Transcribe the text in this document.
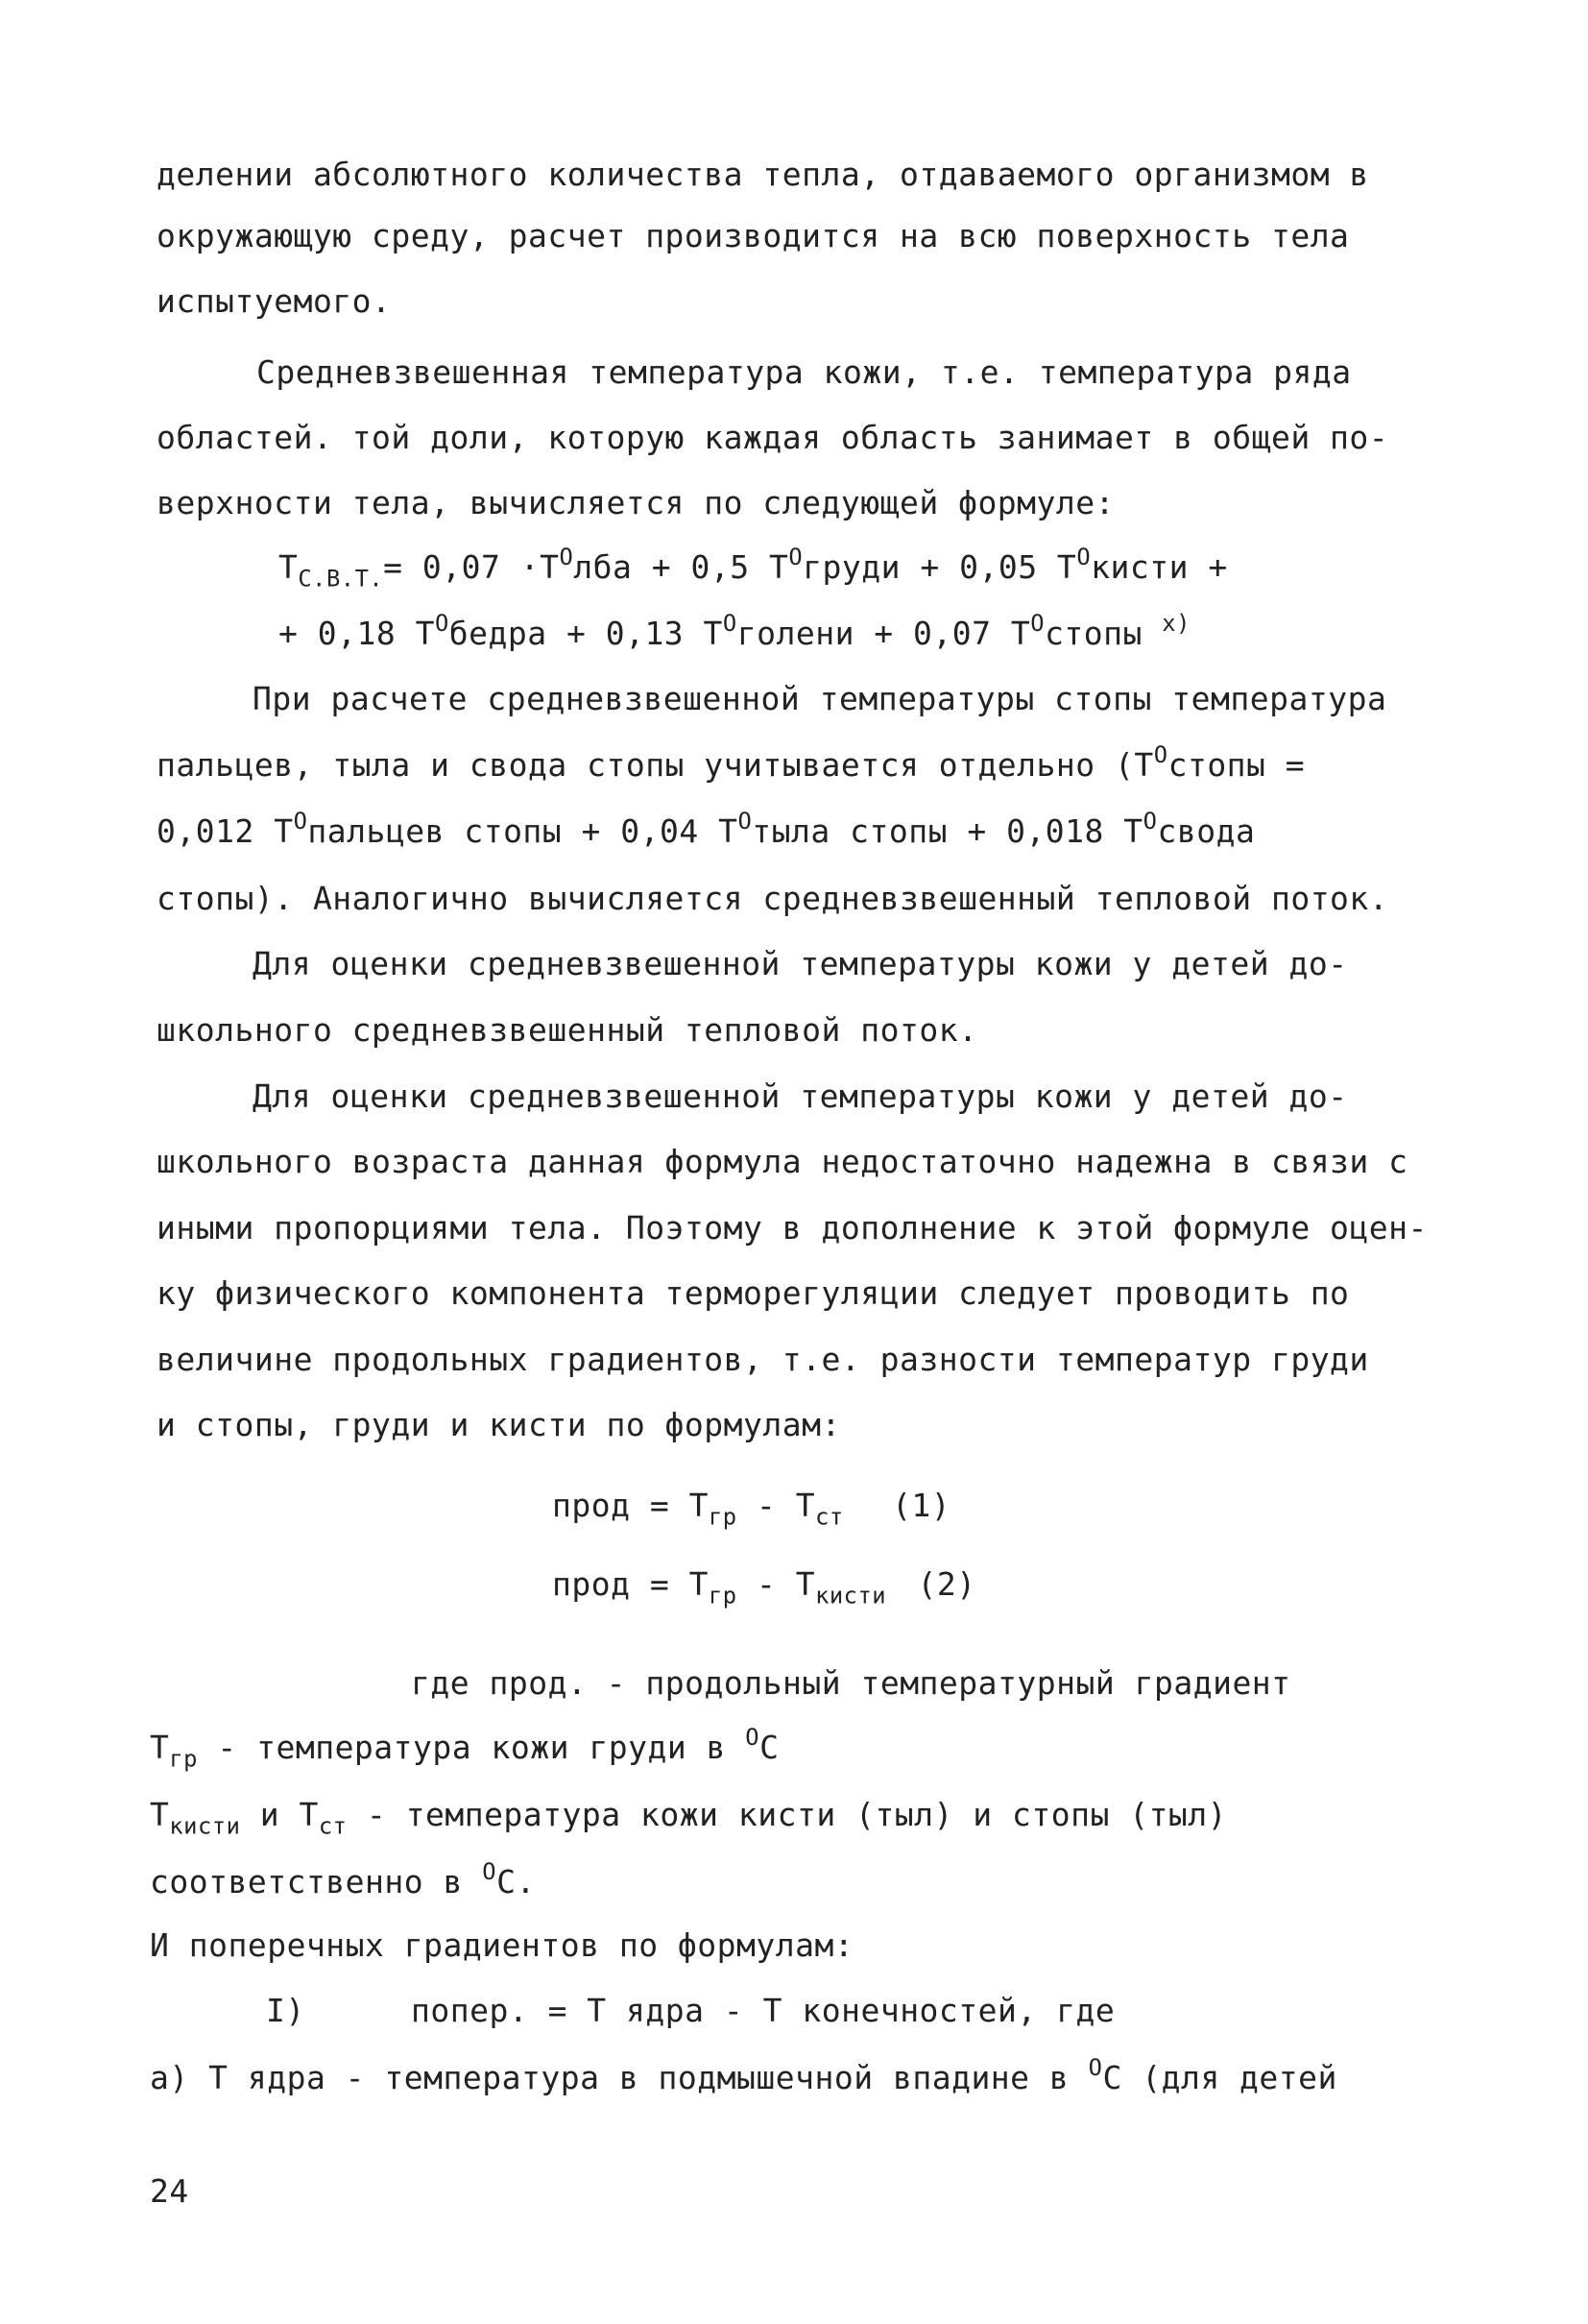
делении абсолютного количества тепла, отдаваемого организмом в
окружающую среду, расчет производится на всю поверхность тела
испытуемого.
Средневзвешенная температура кожи, т.е. температура ряда
областей. той доли, которую каждая область занимает в общей по-
верхности тела, вычисляется по следующей формуле:
$T_{С.В.Т.}= 0,07 \cdot T^Олба + 0,5$ $T^Огруди + 0,05$ $T^Окисти$ +
+ 0,18 $T^Обедра + 0,13$ $T^Оголени + 0,07$ $T^Остопы$ $^{x)}$
При расчете средневзвешенной температуры стопы температура
пальцев, тыла и свода стопы учитывается отдельно ($T^Остопы$ =
0,012 $T^Опальцев$ стопы + 0,04 $T^Отыла$ стопы + 0,018 $T^Освода$
стопы). Аналогично вычисляется средневзвешенный тепловой поток.
Для оценки средневзвешенной температуры кожи у детей до-
школьного средневзвешенный тепловой поток.
Для оценки средневзвешенной температуры кожи у детей до-
школьного возраста данная формула недостаточно надежна в связи с
иными пропорциями тела. Поэтому в дополнение к этой формуле оцен-
ку физического компонента терморегуляции следует проводить по
величине продольных градиентов, т.е. разности температур груди
и стопы, груди и кисти по формулам:
прод = $T_{гр} - T_{ст}$ (1)
прод = $T_{гр} - T_{кисти}$ (2)
где прод. - продольный температурный градиент
$T_{гр}$ - температура кожи груди в $^О$C
$T_{кисти}$ и $T_{ст}$ - температура кожи кисти (тыл) и стопы (тыл)
соответственно в $^О$C.
И поперечных градиентов по формулам:
I)	попер. = T ядра - T конечностей, где
а) T ядра - температура в подмышечной впадине в $^О$C (для детей
24
